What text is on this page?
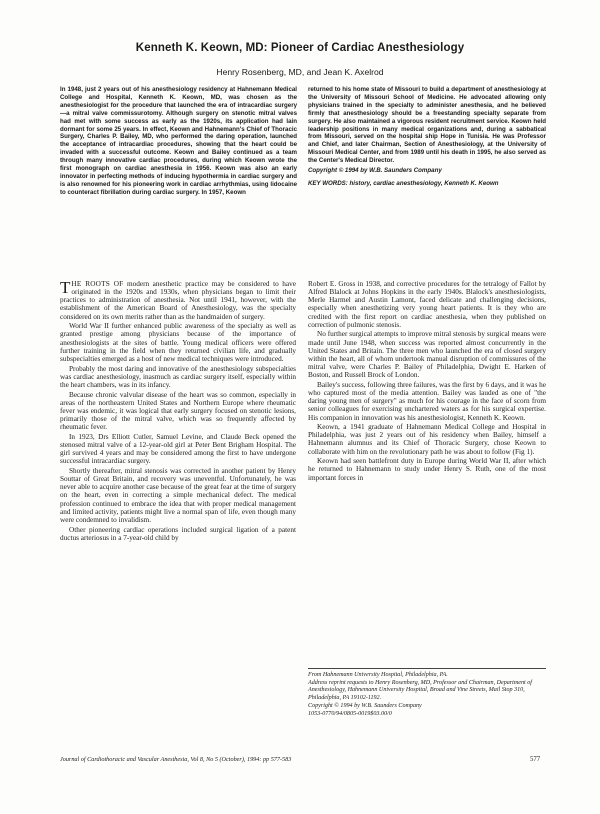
Kenneth K. Keown, MD: Pioneer of Cardiac Anesthesiology
Henry Rosenberg, MD, and Jean K. Axelrod

In 1948, just 2 years out of his anesthesiology residency at Hahnemann Medical College and Hospital, Kenneth K. Keown, MD, was chosen as the anesthesiologist for the procedure that launched the era of intracardiac surgery—a mitral valve commissurotomy. Although surgery on stenotic mitral valves had met with some success as early as the 1920s, its application had lain dormant for some 25 years. In effect, Keown and Hahnemann's Chief of Thoracic Surgery, Charles P. Bailey, MD, who performed the daring operation, launched the acceptance of intracardiac procedures, showing that the heart could be invaded with a successful outcome. Keown and Bailey continued as a team through many innovative cardiac procedures, during which Keown wrote the first monograph on cardiac anesthesia in 1956. Keown was also an early innovator in perfecting methods of inducing hypothermia in cardiac surgery and is also renowned for his pioneering work in cardiac arrhythmias, using lidocaine to counteract fibrillation during cardiac surgery. In 1957, Keown

returned to his home state of Missouri to build a department of anesthesiology at the University of Missouri School of Medicine. He advocated allowing only physicians trained in the specialty to administer anesthesia, and he believed firmly that anesthesiology should be a freestanding specialty separate from surgery. He also maintained a vigorous resident recruitment service. Keown held leadership positions in many medical organizations and, during a sabbatical from Missouri, served on the hospital ship Hope in Tunisia. He was Professor and Chief, and later Chairman, Section of Anesthesiology, at the University of Missouri Medical Center, and from 1989 until his death in 1995, he also served as the Center's Medical Director.

Copyright © 1994 by W.B. Saunders Company

KEY WORDS: history, cardiac anesthesiology, Kenneth K. Keown

THE ROOTS OF modern anesthetic practice may be considered to have originated in the 1920s and 1930s, when physicians began to limit their practices to administration of anesthesia. Not until 1941, however, with the establishment of the American Board of Anesthesiology, was the specialty considered on its own merits rather than as the handmaiden of surgery.

World War II further enhanced public awareness of the specialty as well as granted prestige among physicians because of the importance of anesthesiologists at the sites of battle. Young medical officers were offered further training in the field when they returned civilian life, and gradually subspecialties emerged as a host of new medical techniques were introduced.

Probably the most daring and innovative of the anesthesiology subspecialties was cardiac anesthesiology, inasmuch as cardiac surgery itself, especially within the heart chambers, was in its infancy.

Because chronic valvular disease of the heart was so common, especially in areas of the northeastern United States and Northern Europe where rheumatic fever was endemic, it was logical that early surgery focused on stenotic lesions, primarily those of the mitral valve, which was so frequently affected by rheumatic fever.

In 1923, Drs Elliott Cutler, Samuel Levine, and Claude Beck opened the stenosed mitral valve of a 12-year-old girl at Peter Bent Brigham Hospital. The girl survived 4 years and may be considered among the first to have undergone successful intracardiac surgery.

Shortly thereafter, mitral stenosis was corrected in another patient by Henry Souttar of Great Britain, and recovery was uneventful. Unfortunately, he was never able to acquire another case because of the great fear at the time of surgery on the heart, even in correcting a simple mechanical defect. The medical profession continued to embrace the idea that with proper medical management and limited activity, patients might live a normal span of life, even though many were condemned to invalidism.

Other pioneering cardiac operations included surgical ligation of a patent ductus arteriosus in a 7-year-old child by

Robert E. Gross in 1938, and corrective procedures for the tetralogy of Fallot by Alfred Blalock at Johns Hopkins in the early 1940s. Blalock's anesthesiologists, Merle Harmel and Austin Lamont, faced delicate and challenging decisions, especially when anesthetizing very young heart patients. It is they who are credited with the first report on cardiac anesthesia, when they published on correction of pulmonic stenosis.

No further surgical attempts to improve mitral stenosis by surgical means were made until June 1948, when success was reported almost concurrently in the United States and Britain. The three men who launched the era of closed surgery within the heart, all of whom undertook manual disruption of commissures of the mitral valve, were Charles P. Bailey of Philadelphia, Dwight E. Harken of Boston, and Russell Brock of London.

Bailey's success, following three failures, was the first by 6 days, and it was he who captured most of the media attention. Bailey was lauded as one of "the daring young men of surgery" as much for his courage in the face of scorn from senior colleagues for exercising unchartered waters as for his surgical expertise. His companion in innovation was his anesthesiologist, Kenneth K. Keown.

Keown, a 1941 graduate of Hahnemann Medical College and Hospital in Philadelphia, was just 2 years out of his residency when Bailey, himself a Hahnemann alumnus and its Chief of Thoracic Surgery, chose Keown to collaborate with him on the revolutionary path he was about to follow (Fig 1).

Keown had seen battlefront duty in Europe during World War II, after which he returned to Hahnemann to study under Henry S. Ruth, one of the most important forces in

From Hahnemann University Hospital, Philadelphia, PA.

Address reprint requests to Henry Rosenberg, MD, Professor and Chairman, Department of Anesthesiology, Hahnemann University Hospital, Broad and Vine Streets, Mail Stop 310, Philadelphia, PA 19102-1192.

Copyright © 1994 by W.B. Saunders Company

1053-0770/94/0805-0019$03.00/0

Journal of Cardiothoracic and Vascular Anesthesia, Vol 8, No 5 (October), 1994: pp 577-583	577
